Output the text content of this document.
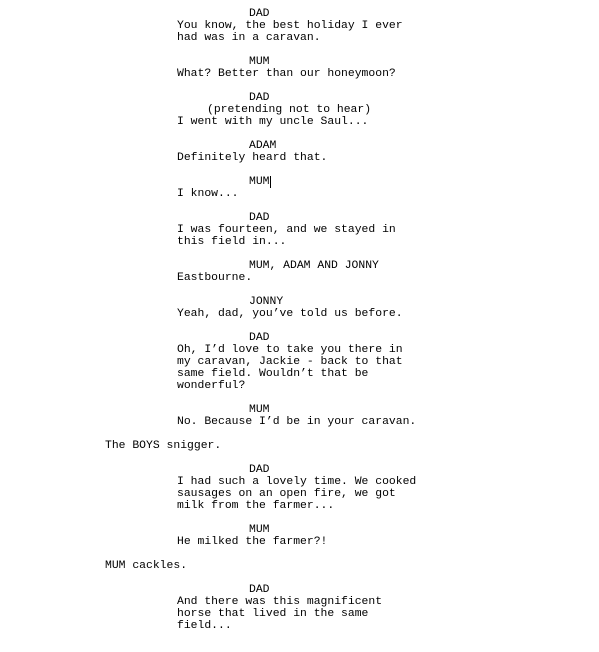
DAD
You know, the best holiday I ever
had was in a caravan.
MUM
What? Better than our honeymoon?
DAD
(pretending not to hear)
I went with my uncle Saul...
ADAM
Definitely heard that.
MUM
I know...
DAD
I was fourteen, and we stayed in
this field in...
MUM, ADAM AND JONNY
Eastbourne.
JONNY
Yeah, dad, you’ve told us before.
DAD
Oh, I’d love to take you there in
my caravan, Jackie - back to that
same field. Wouldn’t that be
wonderful?
MUM
No. Because I’d be in your caravan.
The BOYS snigger.
DAD
I had such a lovely time. We cooked
sausages on an open fire, we got
milk from the farmer...
MUM
He milked the farmer?!
MUM cackles.
DAD
And there was this magnificent
horse that lived in the same
field...
